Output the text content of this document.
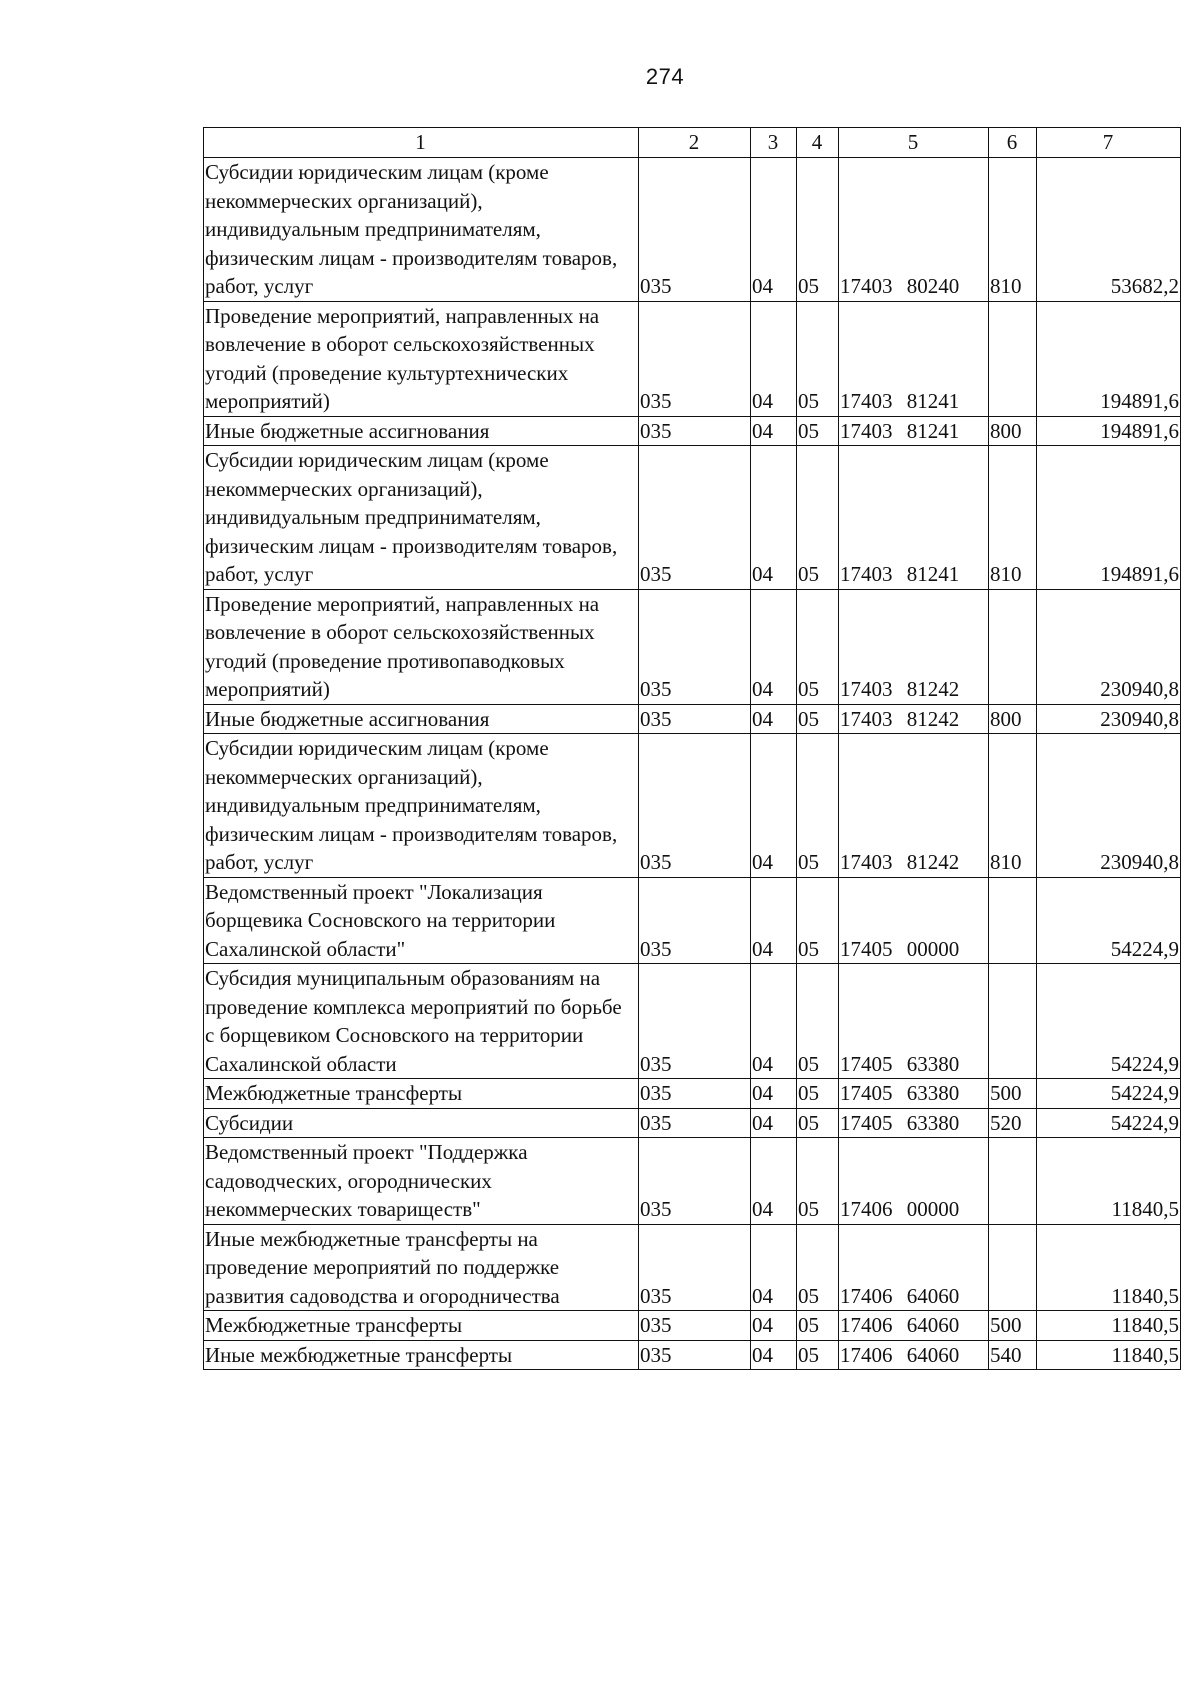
274
1	2	3	4	5	6	7
Субсидии юридическим лицам (кроме некоммерческих организаций), индивидуальным предпринимателям, физическим лицам - производителям товаров, работ, услуг	035	04	05	17403 80240	810	53682,2
Проведение мероприятий, направленных на вовлечение в оборот сельскохозяйственных угодий (проведение культуртехнических мероприятий)	035	04	05	17403 81241		194891,6
Иные бюджетные ассигнования	035	04	05	17403 81241	800	194891,6
Субсидии юридическим лицам (кроме некоммерческих организаций), индивидуальным предпринимателям, физическим лицам - производителям товаров, работ, услуг	035	04	05	17403 81241	810	194891,6
Проведение мероприятий, направленных на вовлечение в оборот сельскохозяйственных угодий (проведение противопаводковых мероприятий)	035	04	05	17403 81242		230940,8
Иные бюджетные ассигнования	035	04	05	17403 81242	800	230940,8
Субсидии юридическим лицам (кроме некоммерческих организаций), индивидуальным предпринимателям, физическим лицам - производителям товаров, работ, услуг	035	04	05	17403 81242	810	230940,8
Ведомственный проект "Локализация борщевика Сосновского на территории Сахалинской области"	035	04	05	17405 00000		54224,9
Субсидия муниципальным образованиям на проведение комплекса мероприятий по борьбе с борщевиком Сосновского на территории Сахалинской области	035	04	05	17405 63380		54224,9
Межбюджетные трансферты	035	04	05	17405 63380	500	54224,9
Субсидии	035	04	05	17405 63380	520	54224,9
Ведомственный проект "Поддержка садоводческих, огороднических некоммерческих товариществ"	035	04	05	17406 00000		11840,5
Иные межбюджетные трансферты на проведение мероприятий по поддержке развития садоводства и огородничества	035	04	05	17406 64060		11840,5
Межбюджетные трансферты	035	04	05	17406 64060	500	11840,5
Иные межбюджетные трансферты	035	04	05	17406 64060	540	11840,5
